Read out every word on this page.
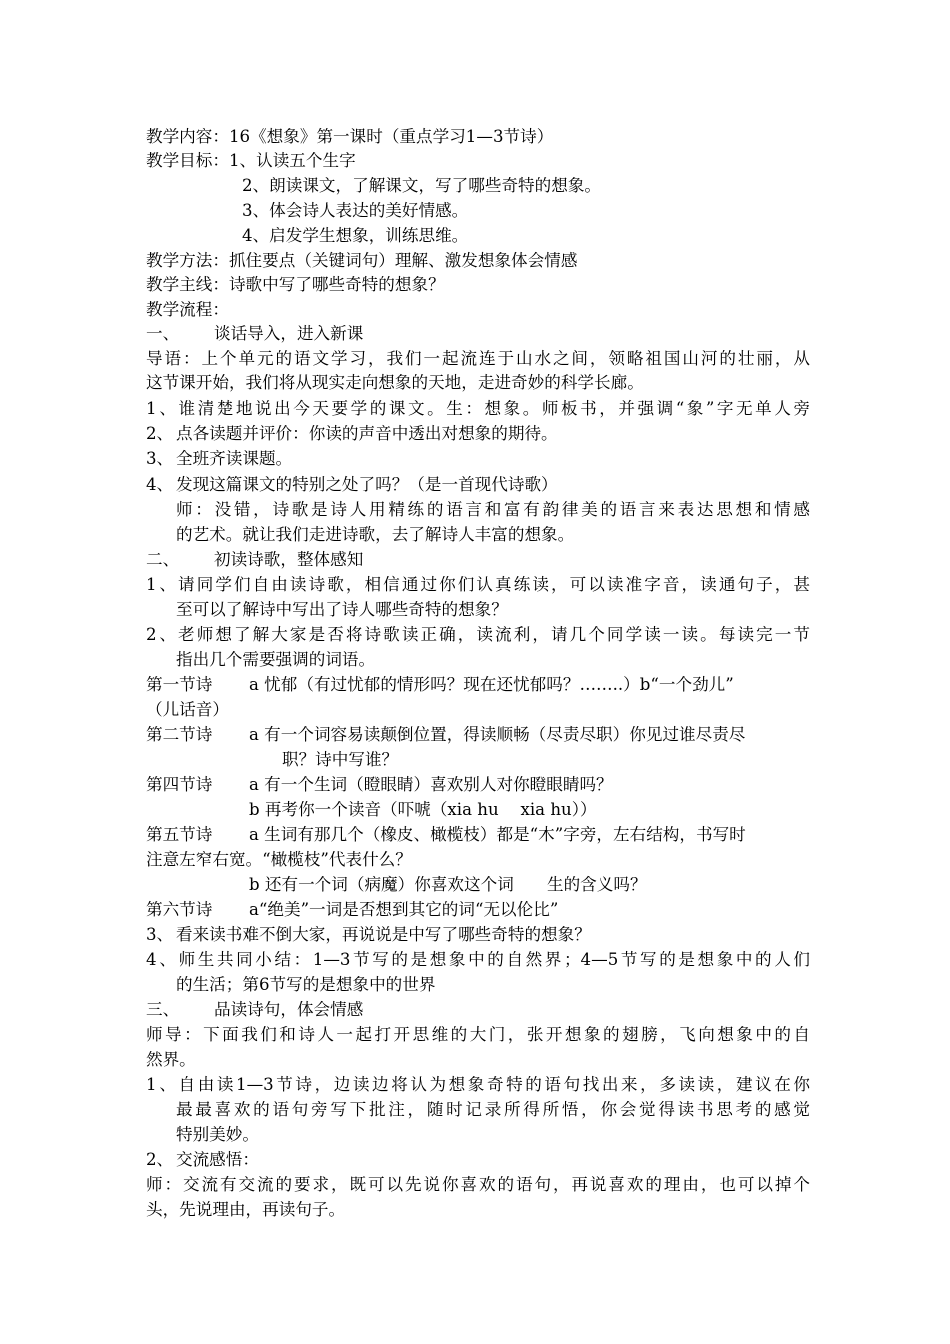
教学内容：16《想象》第一课时（重点学习1—3节诗）
教学目标：1、认读五个生字
2、朗读课文，了解课文，写了哪些奇特的想象。
3、体会诗人表达的美好情感。
4、启发学生想象，训练思维。
教学方法：抓住要点（关键词句）理解、激发想象体会情感
教学主线：诗歌中写了哪些奇特的想象？
教学流程：
一、 谈话导入，进入新课
导语：上个单元的语文学习，我们一起流连于山水之间，领略祖国山河的壮丽，从
这节课开始，我们将从现实走向想象的天地，走进奇妙的科学长廊。
1、谁清楚地说出今天要学的课文。生：想象。师板书，并强调“象”字无单人旁
2、 点各读题并评价：你读的声音中透出对想象的期待。
3、 全班齐读课题。
4、 发现这篇课文的特别之处了吗？（是一首现代诗歌）
师：没错，诗歌是诗人用精练的语言和富有韵律美的语言来表达思想和情感
的艺术。就让我们走进诗歌，去了解诗人丰富的想象。
二、 初读诗歌，整体感知
1、请同学们自由读诗歌，相信通过你们认真练读，可以读准字音，读通句子，甚
至可以了解诗中写出了诗人哪些奇特的想象？
2、老师想了解大家是否将诗歌读正确，读流利，请几个同学读一读。每读完一节
指出几个需要强调的词语。
第一节诗 a 忧郁（有过忧郁的情形吗？现在还忧郁吗？……..）b“一个劲儿”
（儿话音）
第二节诗 a 有一个词容易读颠倒位置，得读顺畅（尽责尽职）你见过谁尽责尽
职？诗中写谁？
第四节诗 a 有一个生词（瞪眼睛）喜欢别人对你瞪眼睛吗？
b 再考你一个读音（吓唬（xia hu　 xia hu））
第五节诗 a 生词有那几个（橡皮、橄榄枝）都是“木”字旁，左右结构，书写时
注意左窄右宽。“橄榄枝”代表什么？
b 还有一个词（病魔）你喜欢这个词　　生的含义吗？
第六节诗 a“绝美”一词是否想到其它的词“无以伦比”
3、 看来读书难不倒大家，再说说是中写了哪些奇特的想象？
4、师生共同小结：1—3节写的是想象中的自然界；4—5节写的是想象中的人们
的生活；第6节写的是想象中的世界
三、 品读诗句，体会情感
师导：下面我们和诗人一起打开思维的大门，张开想象的翅膀，飞向想象中的自
然界。
1、自由读1—3节诗，边读边将认为想象奇特的语句找出来，多读读，建议在你
最最喜欢的语句旁写下批注，随时记录所得所悟，你会觉得读书思考的感觉
特别美妙。
2、 交流感悟：
师：交流有交流的要求，既可以先说你喜欢的语句，再说喜欢的理由，也可以掉个
头，先说理由，再读句子。
